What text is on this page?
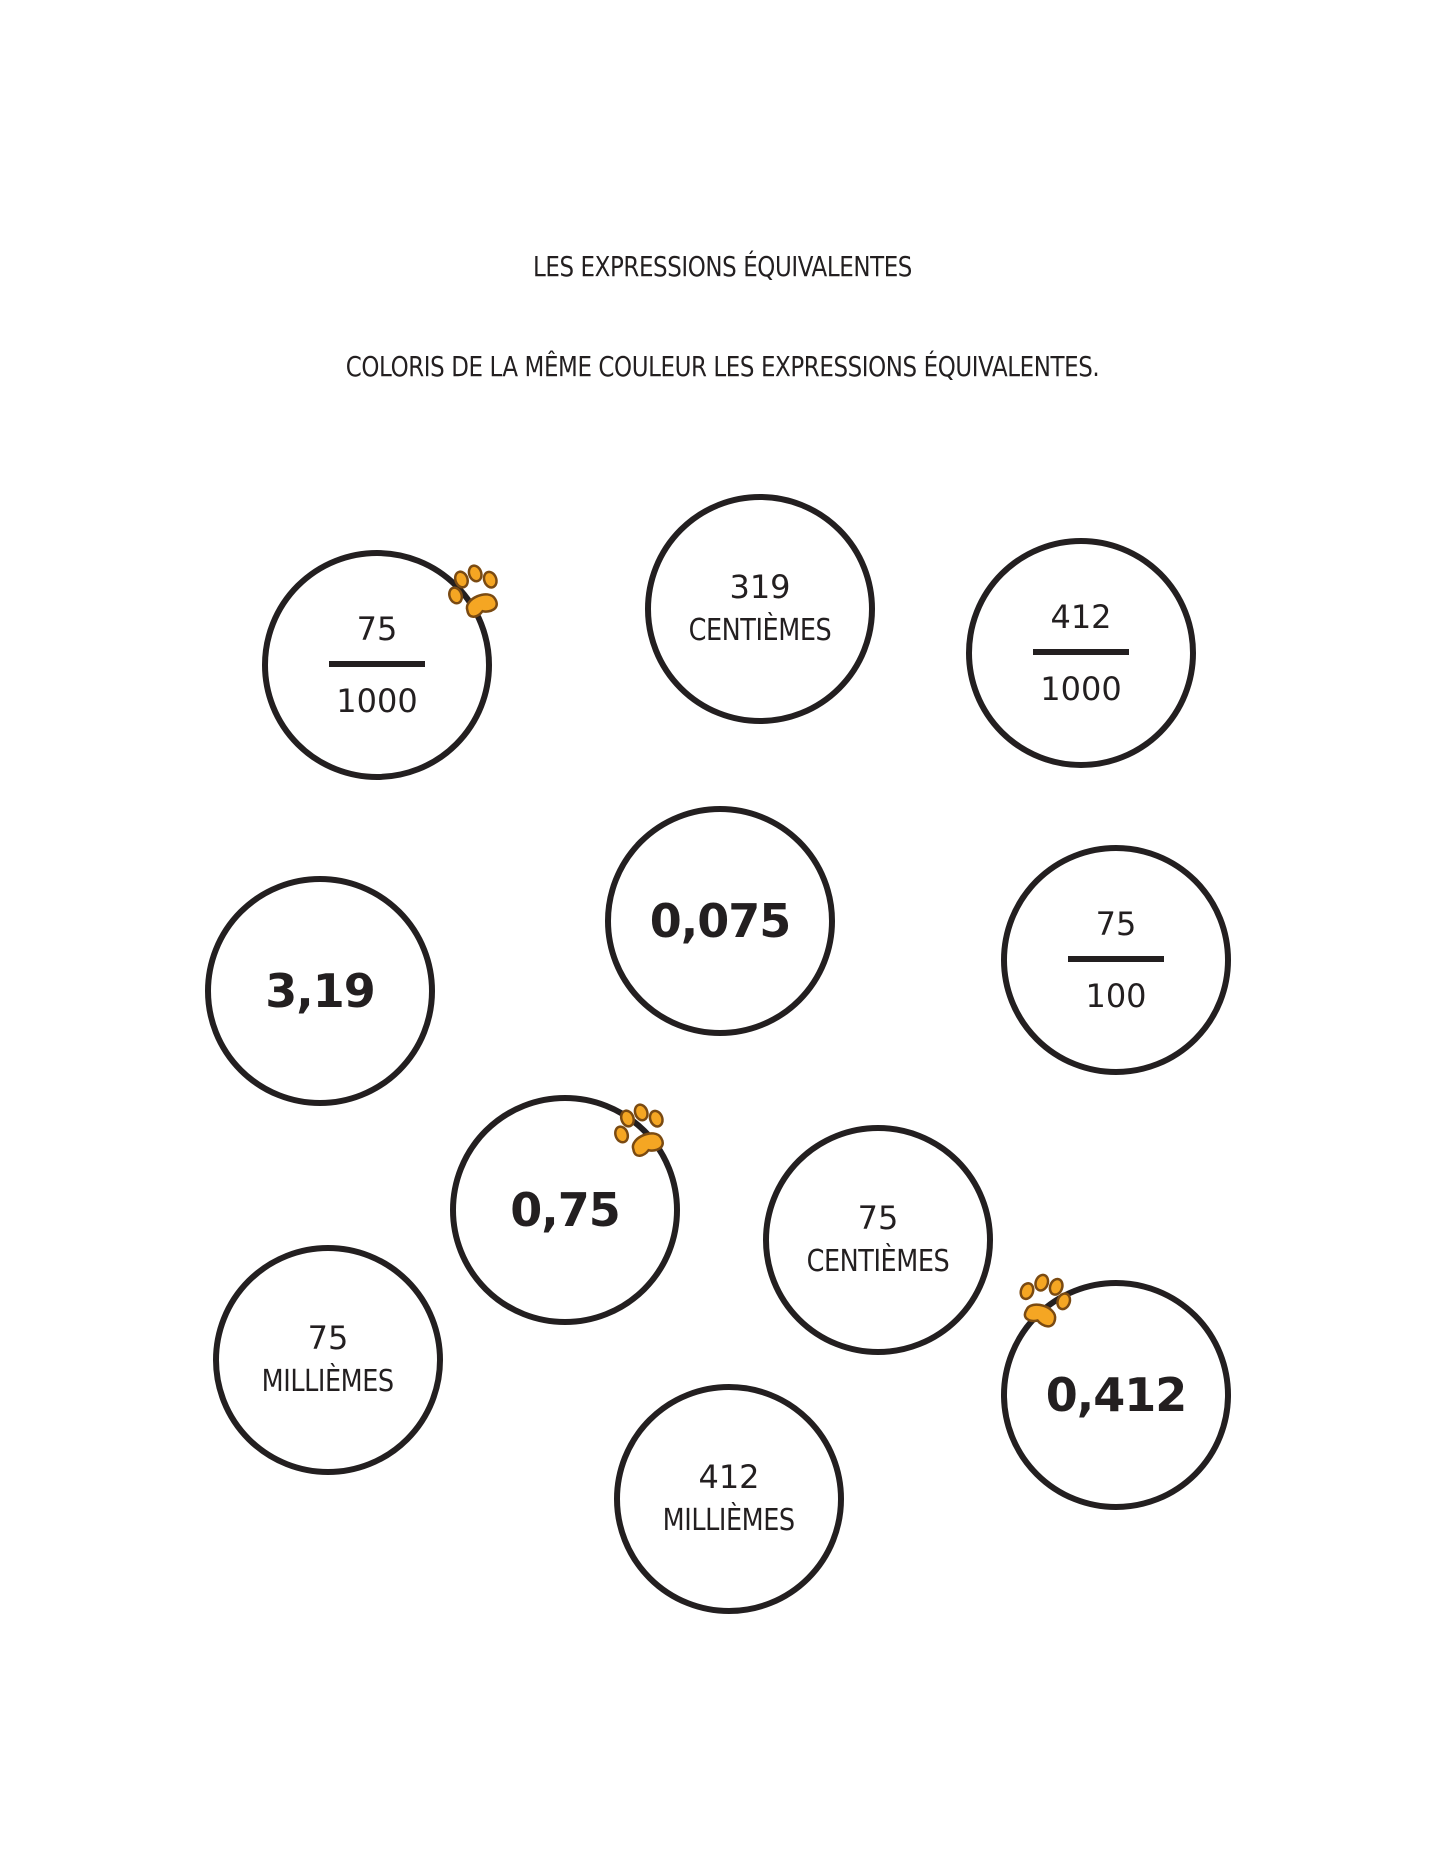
LES EXPRESSIONS ÉQUIVALENTES
COLORIS DE LA MÊME COULEUR LES EXPRESSIONS ÉQUIVALENTES.
75
1000
319
CENTIÈMES	412
1000
0,075
3,19
75
100
0,75	75
CENTIÈMES
75
MILLIÈMES	0,412
412
MILLIÈMES
